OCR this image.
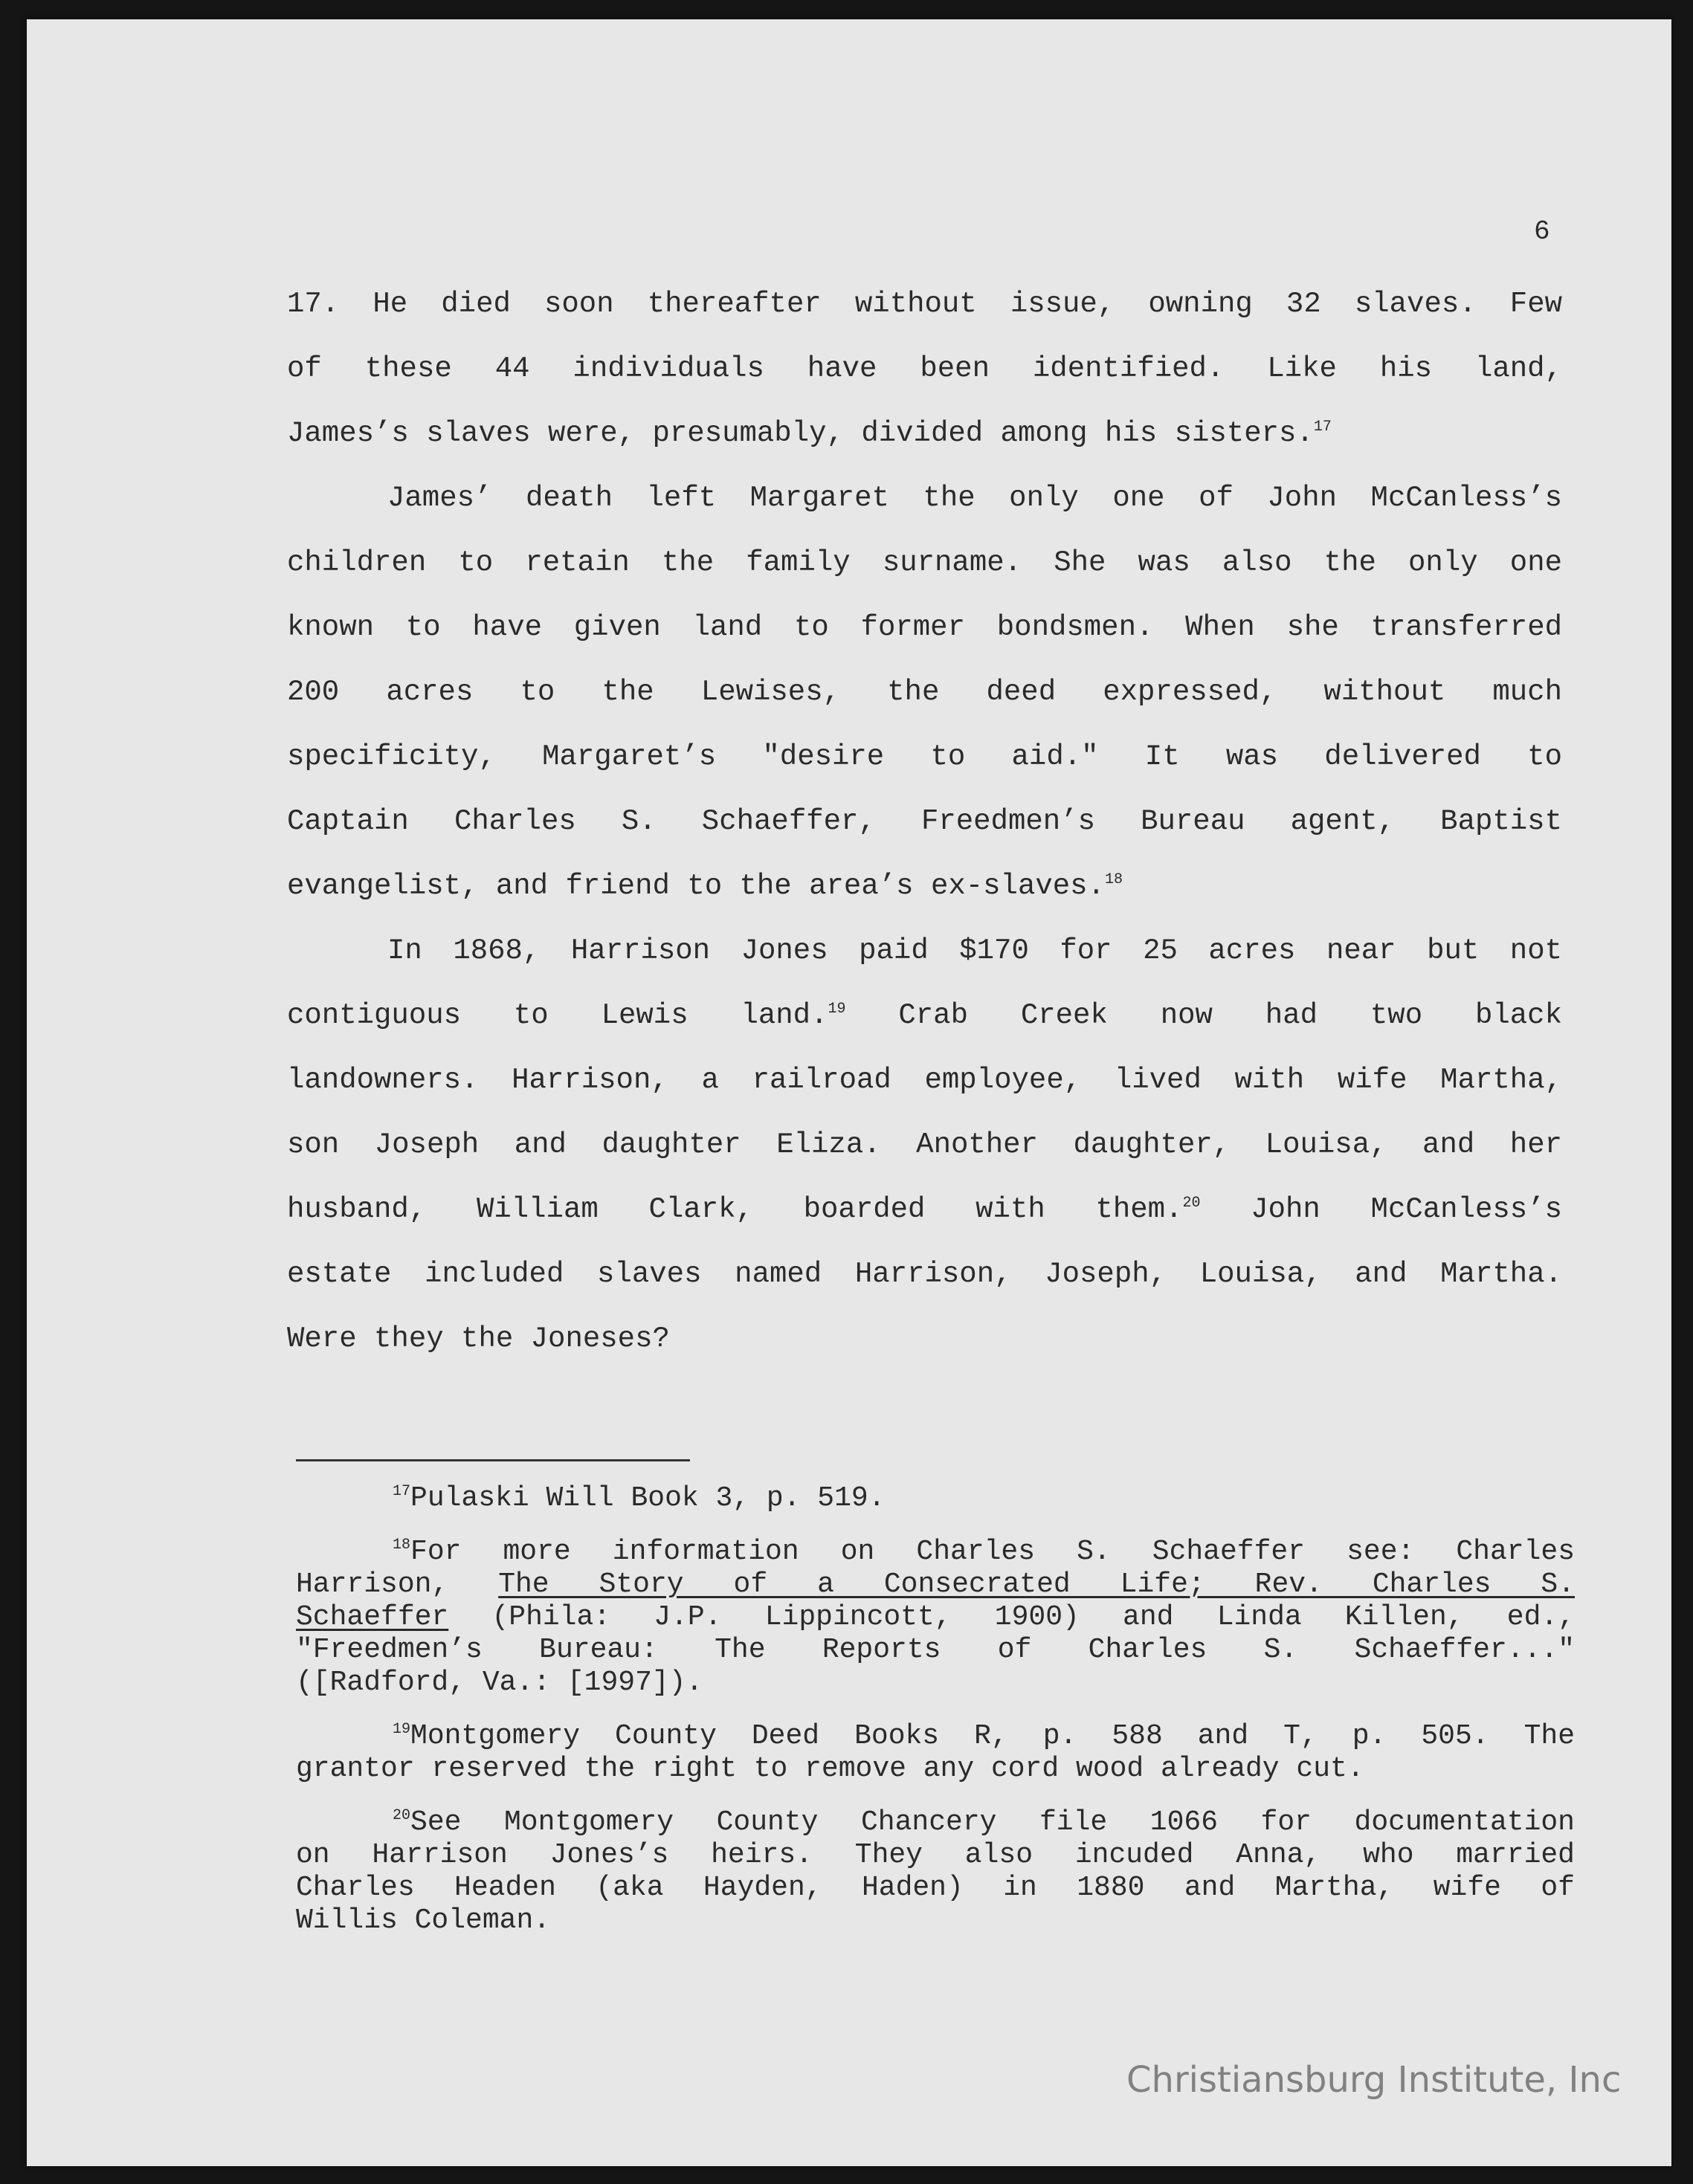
6
17. He died soon thereafter without issue, owning 32 slaves. Few
of these 44 individuals have been identified. Like his land,
James’s slaves were, presumably, divided among his sisters.$^{17}$
James’ death left Margaret the only one of John McCanless’s
children to retain the family surname. She was also the only one
known to have given land to former bondsmen. When she transferred
200 acres to the Lewises, the deed expressed, without much
specificity, Margaret’s "desire to aid." It was delivered to
Captain Charles S. Schaeffer, Freedmen’s Bureau agent, Baptist
evangelist, and friend to the area’s ex-slaves.$^{18}$
In 1868, Harrison Jones paid $170 for 25 acres near but not
contiguous to Lewis land.$^{19}$ Crab Creek now had two black
landowners. Harrison, a railroad employee, lived with wife Martha,
son Joseph and daughter Eliza. Another daughter, Louisa, and her
husband, William Clark, boarded with them.$^{20}$ John McCanless’s
estate included slaves named Harrison, Joseph, Louisa, and Martha.
Were they the Joneses?
$^{17}$Pulaski Will Book 3, p. 519.
$^{18}$For more information on Charles S. Schaeffer see: Charles
Harrison, The Story of a Consecrated Life; Rev. Charles S.
Schaeffer (Phila: J.P. Lippincott, 1900) and Linda Killen, ed.,
"Freedmen’s Bureau: The Reports of Charles S. Schaeffer..."
([Radford, Va.: [1997]).
$^{19}$Montgomery County Deed Books R, p. 588 and T, p. 505. The
grantor reserved the right to remove any cord wood already cut.
$^{20}$See Montgomery County Chancery file 1066 for documentation
on Harrison Jones’s heirs. They also incuded Anna, who married
Charles Headen (aka Hayden, Haden) in 1880 and Martha, wife of
Willis Coleman.
Christiansburg Institute, Inc
